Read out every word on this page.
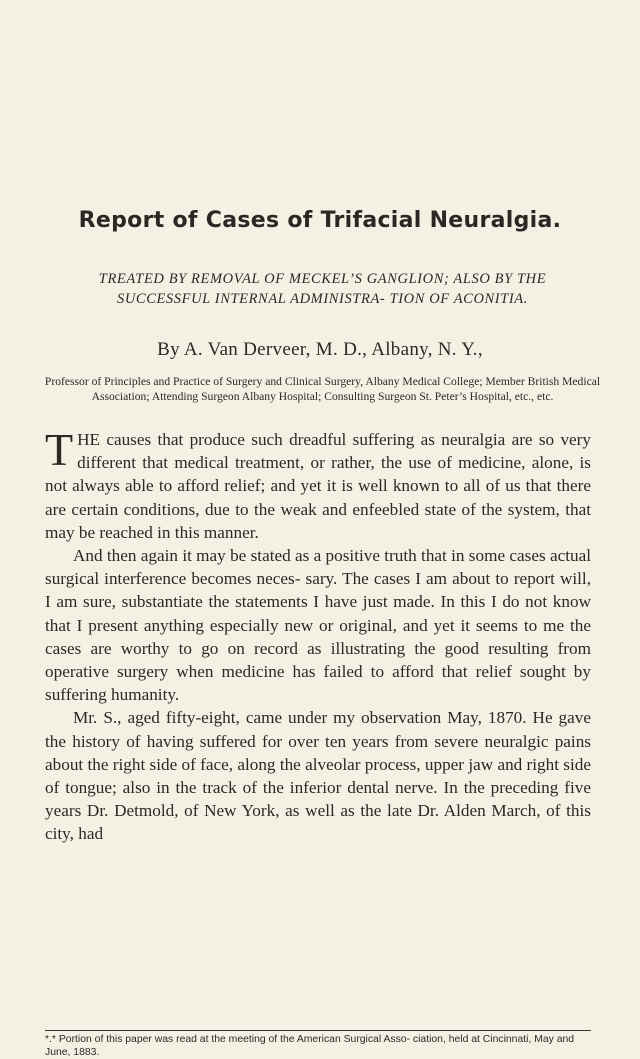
Report of Cases of Trifacial Neuralgia.

TREATED BY REMOVAL OF MECKEL’S GANGLION; ALSO BY THE SUCCESSFUL INTERNAL ADMINISTRA- TION OF ACONITIA.

By A. Van Derveer, M. D., Albany, N. Y.,

Professor of Principles and Practice of Surgery and Clinical Surgery, Albany Medical College; Member British Medical Association; Attending Surgeon Albany Hospital; Consulting Surgeon St. Peter’s Hospital, etc., etc.

THE causes that produce such dreadful suffering as neuralgia are so very different that medical treatment, or rather, the use of medicine, alone, is not always able to afford relief; and yet it is well known to all of us that there are certain conditions, due to the weak and enfeebled state of the system, that may be reached in this manner.

And then again it may be stated as a positive truth that in some cases actual surgical interference becomes neces- sary. The cases I am about to report will, I am sure, substantiate the statements I have just made. In this I do not know that I present anything especially new or original, and yet it seems to me the cases are worthy to go on record as illustrating the good resulting from operative surgery when medicine has failed to afford that relief sought by suffering humanity.

Mr. S., aged fifty-eight, came under my observation May, 1870. He gave the history of having suffered for over ten years from severe neuralgic pains about the right side of face, along the alveolar process, upper jaw and right side of tongue; also in the track of the inferior dental nerve. In the preceding five years Dr. Detmold, of New York, as well as the late Dr. Alden March, of this city, had

*.* Portion of this paper was read at the meeting of the American Surgical Asso- ciation, held at Cincinnati, May and June, 1883.
